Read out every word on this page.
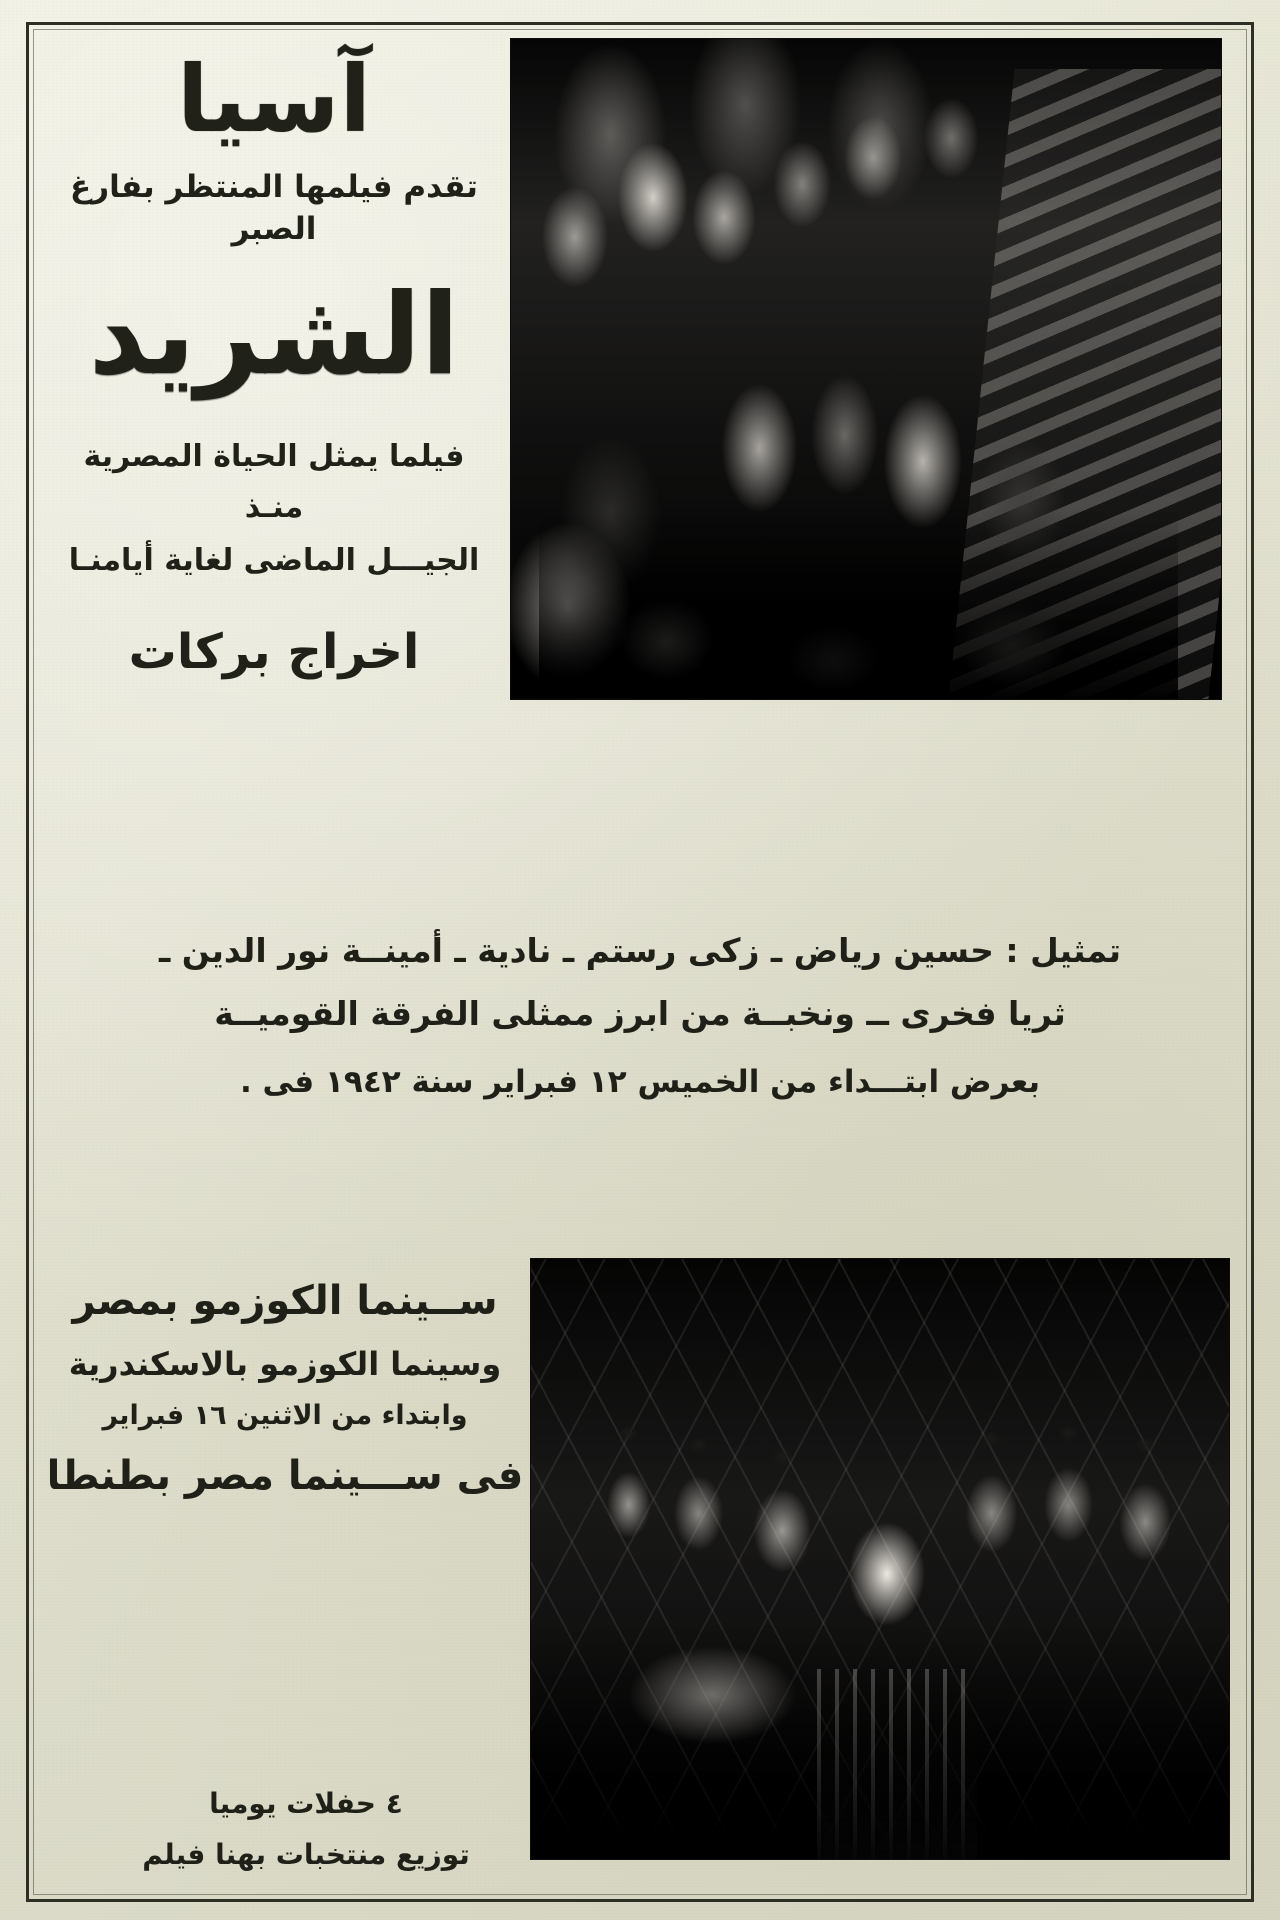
آسيا
تقدم فيلمها المنتظر بفارغ الصبر
الشريد
فيلما يمثل الحياة المصرية منـذ
الجيـــل الماضى لغاية أيامنـا
اخراج بركات
تمثيل : حسين رياض ـ زكى رستم ـ نادية ـ أمينــة نور الدين ـ
ثريا فخرى ــ ونخبــة من ابرز ممثلى الفرقة القوميــة
بعرض ابتـــداء من الخميس ١٢ فبراير سنة ١٩٤٢ فى .
ســينما الكوزمو بمصر
وسينما الكوزمو بالاسكندرية
وابتداء من الاثنين ١٦ فبراير
فى ســـينما مصر بطنطا
٤ حفلات يوميا
توزيع منتخبات بهنا فيلم
